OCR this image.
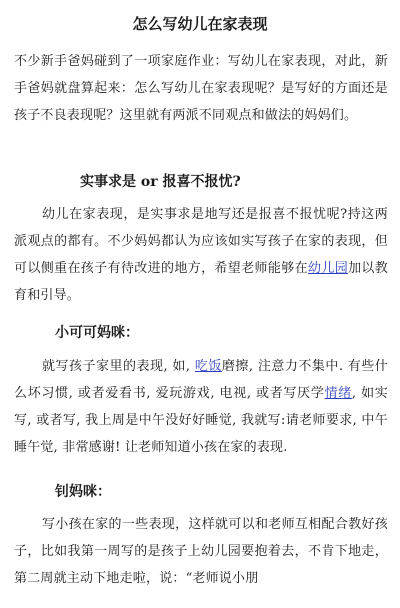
怎么写幼儿在家表现
不少新手爸妈碰到了一项家庭作业：写幼儿在家表现，对此，新手爸妈就盘算起来：怎么写幼儿在家表现呢？是写好的方面还是孩子不良表现呢？这里就有两派不同观点和做法的妈妈们。
实事求是 or 报喜不报忧?
幼儿在家表现，是实事求是地写还是报喜不报忧呢?持这两派观点的都有。不少妈妈都认为应该如实写孩子在家的表现，但可以侧重在孩子有待改进的地方，希望老师能够在幼儿园加以教育和引导。
小可可妈咪：
就写孩子家里的表现, 如, 吃饭磨擦, 注意力不集中. 有些什么坏习惯, 或者爱看书, 爱玩游戏, 电视, 或者写厌学情绪, 如实写, 或者写, 我上周是中午没好好睡觉, 我就写:请老师要求, 中午睡午觉, 非常感谢! 让老师知道小孩在家的表现.
钊妈咪：
写小孩在家的一些表现，这样就可以和老师互相配合教好孩子，比如我第一周写的是孩子上幼儿园要抱着去，不肯下地走，第二周就主动下地走啦，说：“老师说小朋
